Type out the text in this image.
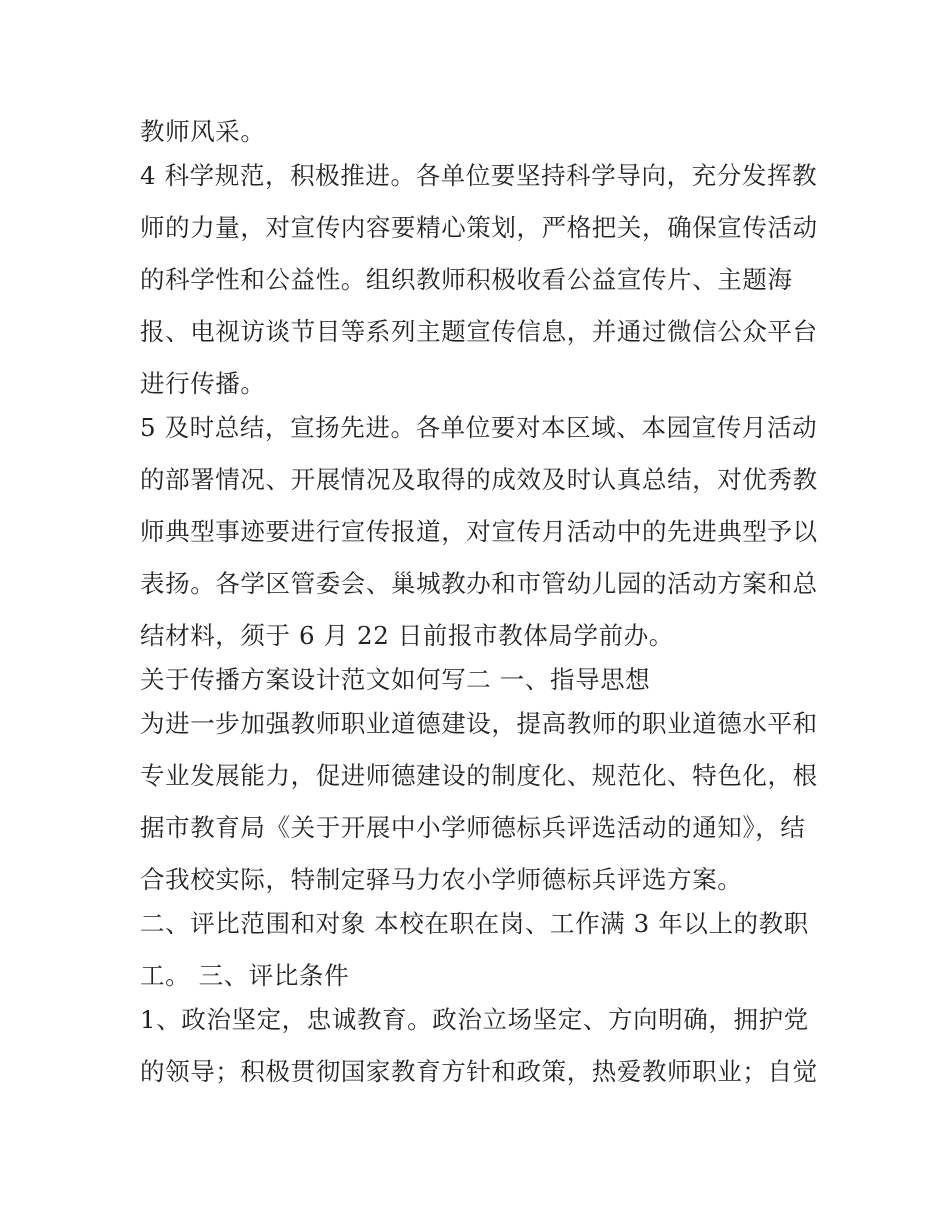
教师风采。
4 科学规范，积极推进。各单位要坚持科学导向，充分发挥教
师的力量，对宣传内容要精心策划，严格把关，确保宣传活动
的科学性和公益性。组织教师积极收看公益宣传片、主题海
报、电视访谈节目等系列主题宣传信息，并通过微信公众平台
进行传播。
5 及时总结，宣扬先进。各单位要对本区域、本园宣传月活动
的部署情况、开展情况及取得的成效及时认真总结，对优秀教
师典型事迹要进行宣传报道，对宣传月活动中的先进典型予以
表扬。各学区管委会、巢城教办和市管幼儿园的活动方案和总
结材料，须于 6 月 22 日前报市教体局学前办。
关于传播方案设计范文如何写二 一、指导思想
为进一步加强教师职业道德建设，提高教师的职业道德水平和
专业发展能力，促进师德建设的制度化、规范化、特色化，根
据市教育局《关于开展中小学师德标兵评选活动的通知》，结
合我校实际，特制定驿马力农小学师德标兵评选方案。
二、评比范围和对象 本校在职在岗、工作满 3 年以上的教职
工。 三、评比条件
1、政治坚定，忠诚教育。政治立场坚定、方向明确，拥护党
的领导；积极贯彻国家教育方针和政策，热爱教师职业；自觉
